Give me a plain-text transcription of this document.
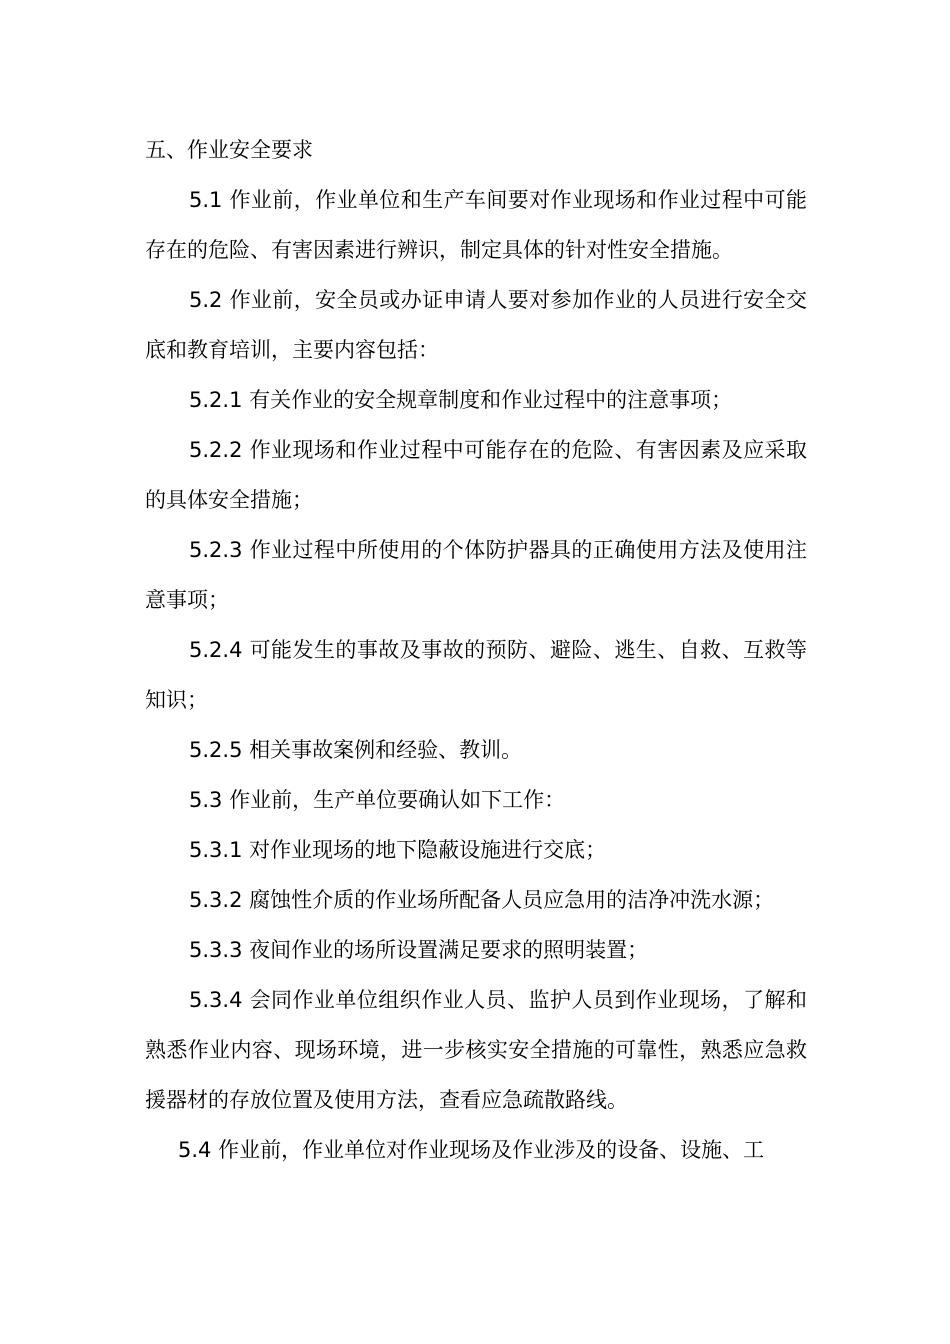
五、作业安全要求

5.1 作业前，作业单位和生产车间要对作业现场和作业过程中可能存在的危险、有害因素进行辨识，制定具体的针对性安全措施。

5.2 作业前，安全员或办证申请人要对参加作业的人员进行安全交底和教育培训，主要内容包括：

5.2.1 有关作业的安全规章制度和作业过程中的注意事项；

5.2.2 作业现场和作业过程中可能存在的危险、有害因素及应采取的具体安全措施；

5.2.3 作业过程中所使用的个体防护器具的正确使用方法及使用注意事项；

5.2.4 可能发生的事故及事故的预防、避险、逃生、自救、互救等知识；

5.2.5 相关事故案例和经验、教训。

5.3 作业前，生产单位要确认如下工作：

5.3.1 对作业现场的地下隐蔽设施进行交底；

5.3.2 腐蚀性介质的作业场所配备人员应急用的洁净冲洗水源；

5.3.3 夜间作业的场所设置满足要求的照明装置；

5.3.4 会同作业单位组织作业人员、监护人员到作业现场，了解和熟悉作业内容、现场环境，进一步核实安全措施的可靠性，熟悉应急救援器材的存放位置及使用方法，查看应急疏散路线。

5.4 作业前，作业单位对作业现场及作业涉及的设备、设施、工
